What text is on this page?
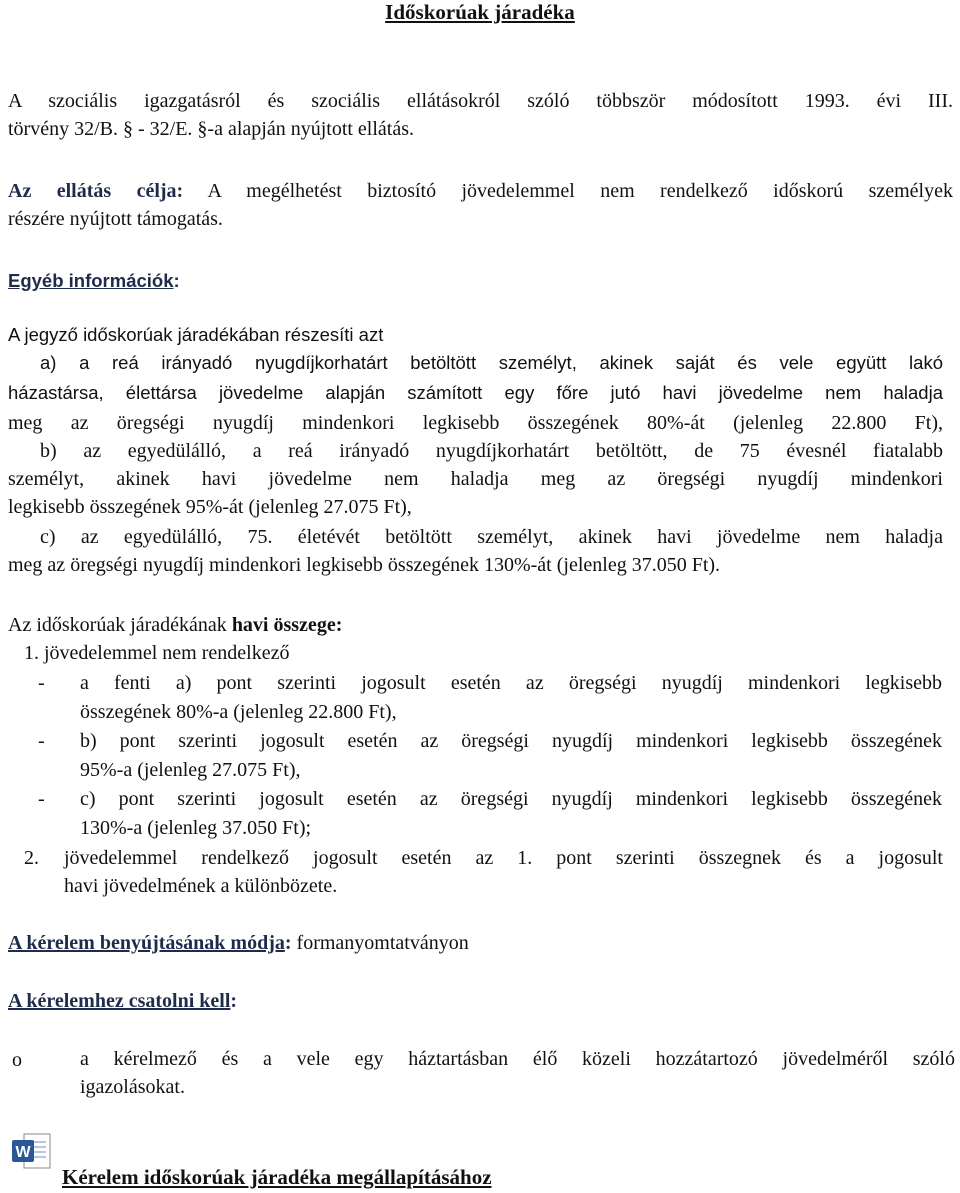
Időskorúak járadéka
A szociális igazgatásról és szociális ellátásokról szóló többször módosított 1993. évi III.
törvény 32/B. § - 32/E. §-a alapján nyújtott ellátás.
Az ellátás célja: A megélhetést biztosító jövedelemmel nem rendelkező időskorú személyek
részére nyújtott támogatás.
Egyéb információk:
A jegyző időskorúak járadékában részesíti azt
a) a reá irányadó nyugdíjkorhatárt betöltött személyt, akinek saját és vele együtt lakó
házastársa, élettársa jövedelme alapján számított egy főre jutó havi jövedelme nem haladja
meg az öregségi nyugdíj mindenkori legkisebb összegének 80%-át (jelenleg 22.800 Ft),
b) az egyedülálló, a reá irányadó nyugdíjkorhatárt betöltött, de 75 évesnél fiatalabb
személyt, akinek havi jövedelme nem haladja meg az öregségi nyugdíj mindenkori
legkisebb összegének 95%-át (jelenleg 27.075 Ft),
c) az egyedülálló, 75. életévét betöltött személyt, akinek havi jövedelme nem haladja
meg az öregségi nyugdíj mindenkori legkisebb összegének 130%-át (jelenleg 37.050 Ft).
Az időskorúak járadékának havi összege:
1. jövedelemmel nem rendelkező
- a fenti a) pont szerinti jogosult esetén az öregségi nyugdíj mindenkori legkisebb
összegének 80%-a (jelenleg 22.800 Ft),
- b) pont szerinti jogosult esetén az öregségi nyugdíj mindenkori legkisebb összegének
95%-a (jelenleg 27.075 Ft),
- c) pont szerinti jogosult esetén az öregségi nyugdíj mindenkori legkisebb összegének
130%-a (jelenleg 37.050 Ft);
2. jövedelemmel rendelkező jogosult esetén az 1. pont szerinti összegnek és a jogosult
havi jövedelmének a különbözete.
A kérelem benyújtásának módja: formanyomtatványon
A kérelemhez csatolni kell:
o	a kérelmező és a vele egy háztartásban élő közeli hozzátartozó jövedelméről szóló
igazolásokat.
W
Kérelem időskorúak járadéka megállapításához
